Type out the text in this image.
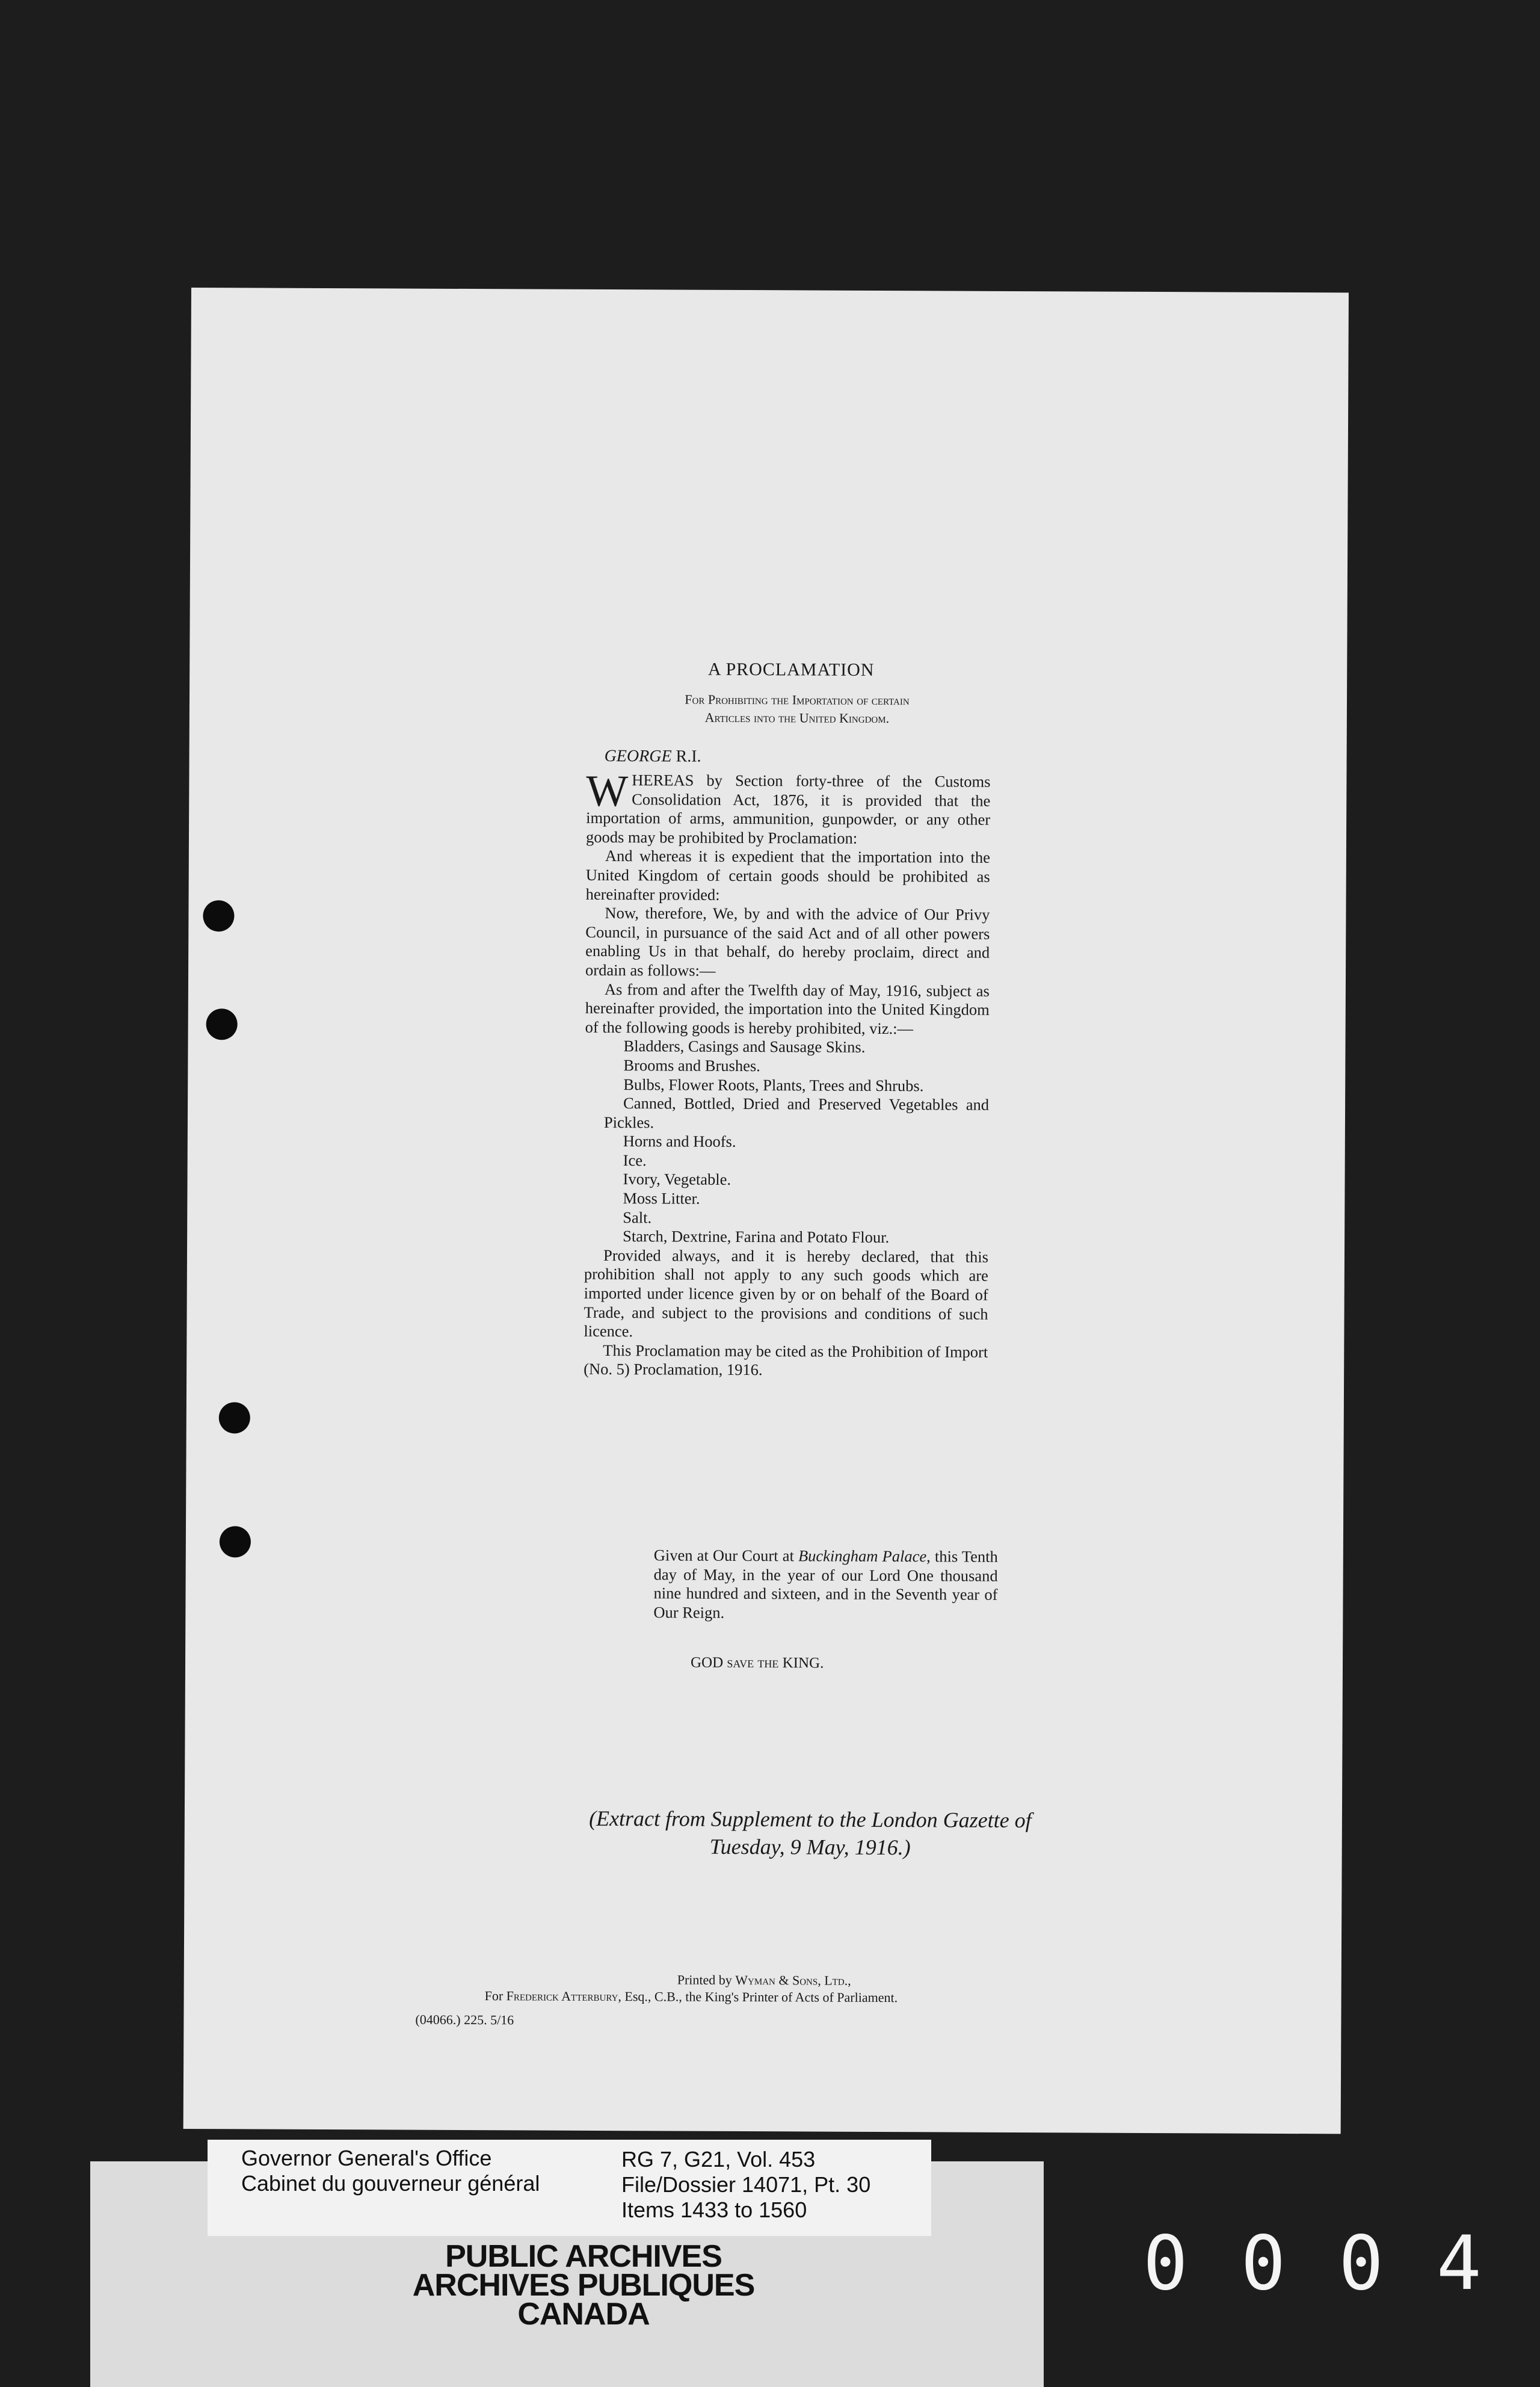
A PROCLAMATION
For Prohibiting the Importation of certain
Articles into the United Kingdom.
GEORGE R.I.

WHEREAS by Section forty-three of the Customs Consolidation Act, 1876, it is provided that the importation of arms, ammunition, gunpowder, or any other goods may be prohibited by Proclamation:

And whereas it is expedient that the importation into the United Kingdom of certain goods should be prohibited as hereinafter provided:

Now, therefore, We, by and with the advice of Our Privy Council, in pursuance of the said Act and of all other powers enabling Us in that behalf, do hereby proclaim, direct and ordain as follows:—

As from and after the Twelfth day of May, 1916, subject as hereinafter provided, the importation into the United Kingdom of the following goods is hereby prohibited, viz.:—

Bladders, Casings and Sausage Skins.

Brooms and Brushes.

Bulbs, Flower Roots, Plants, Trees and Shrubs.

Canned, Bottled, Dried and Preserved Vegetables and Pickles.

Horns and Hoofs.

Ice.

Ivory, Vegetable.

Moss Litter.

Salt.

Starch, Dextrine, Farina and Potato Flour.

Provided always, and it is hereby declared, that this prohibition shall not apply to any such goods which are imported under licence given by or on behalf of the Board of Trade, and subject to the provisions and conditions of such licence.

This Proclamation may be cited as the Prohibition of Import (No. 5) Proclamation, 1916.

Given at Our Court at Buckingham Palace, this Tenth day of May, in the year of our Lord One thousand nine hundred and sixteen, and in the Seventh year of Our Reign.
GOD save the KING.
(Extract from Supplement to the London Gazette of
Tuesday, 9 May, 1916.)
Printed by Wyman & Sons, Ltd.,
For Frederick Atterbury, Esq., C.B., the King's Printer of Acts of Parliament.
(04066.) 225. 5/16
Governor General's Office
Cabinet du gouverneur général
RG 7, G21, Vol. 453
File/Dossier 14071, Pt. 30
Items 1433 to 1560
PUBLIC ARCHIVES
ARCHIVES PUBLIQUES
CANADA
0004
